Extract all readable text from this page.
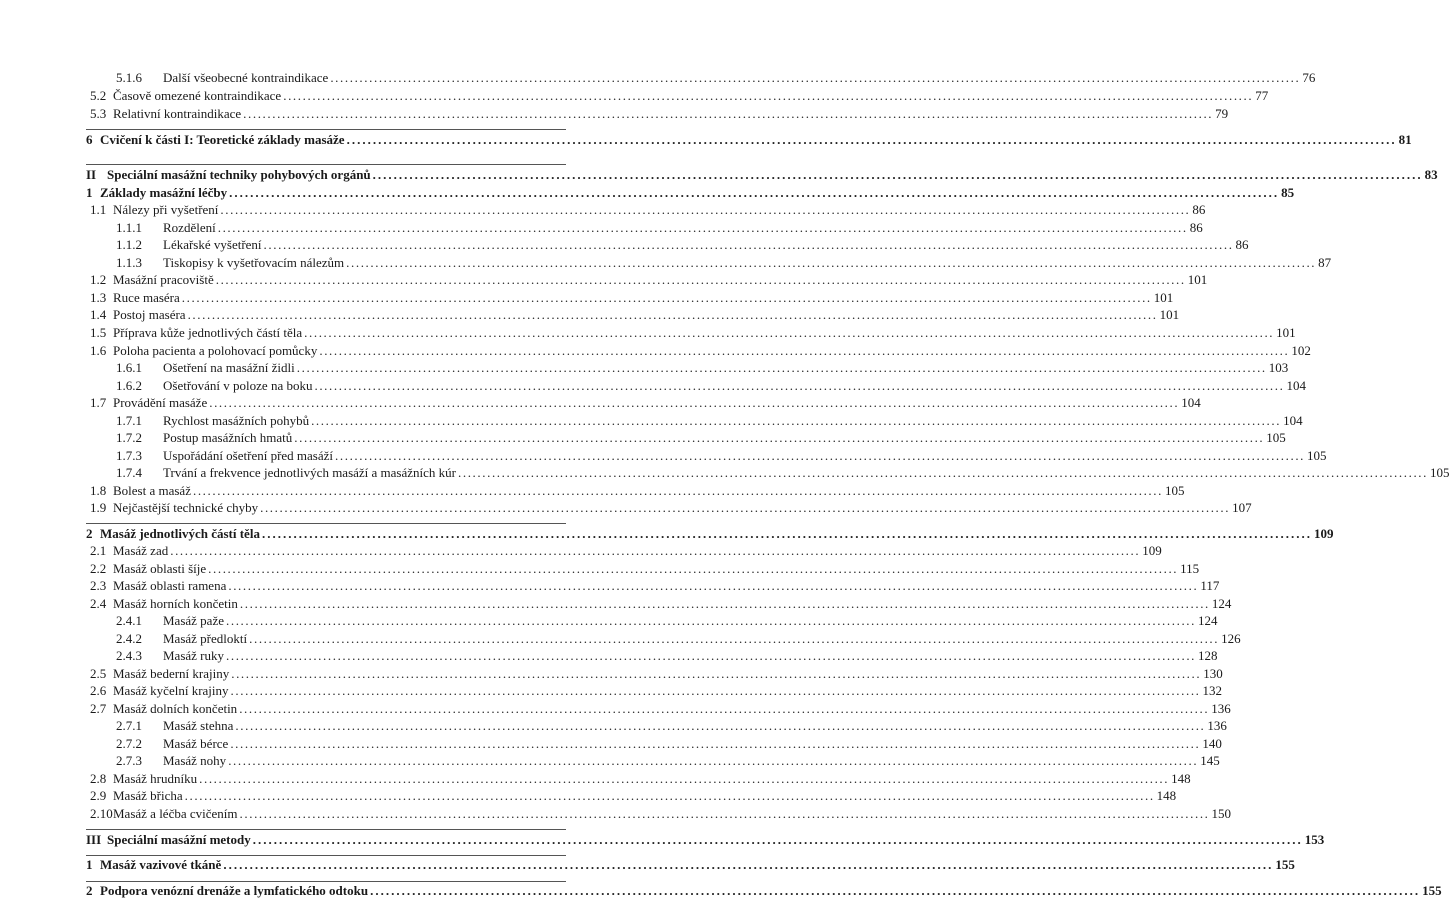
5.1.6 Další všeobecné kontraindikace ........................................................................................................................................................................................................ 76
5.2 Časově omezené kontraindikace ........................................................................................................................................................................................................ 77
5.3 Relativní kontraindikace ........................................................................................................................................................................................................ 79
6 Cvičení k části I: Teoretické základy masáže ........................................................................................................................................................................................................ 81
II Speciální masážní techniky pohybových orgánů ........................................................................................................................................................................................................ 83
1 Základy masážní léčby ........................................................................................................................................................................................................ 85
1.1 Nálezy při vyšetření ........................................................................................................................................................................................................ 86
1.1.1 Rozdělení ........................................................................................................................................................................................................ 86
1.1.2 Lékařské vyšetření ........................................................................................................................................................................................................ 86
1.1.3 Tiskopisy k vyšetřovacím nálezům ........................................................................................................................................................................................................ 87
1.2 Masážní pracoviště ........................................................................................................................................................................................................ 101
1.3 Ruce maséra ........................................................................................................................................................................................................ 101
1.4 Postoj maséra ........................................................................................................................................................................................................ 101
1.5 Příprava kůže jednotlivých částí těla ........................................................................................................................................................................................................ 101
1.6 Poloha pacienta a polohovací pomůcky ........................................................................................................................................................................................................ 102
1.6.1 Ošetření na masážní židli ........................................................................................................................................................................................................ 103
1.6.2 Ošetřování v poloze na boku ........................................................................................................................................................................................................ 104
1.7 Provádění masáže ........................................................................................................................................................................................................ 104
1.7.1 Rychlost masážních pohybů ........................................................................................................................................................................................................ 104
1.7.2 Postup masážních hmatů ........................................................................................................................................................................................................ 105
1.7.3 Uspořádání ošetření před masáží ........................................................................................................................................................................................................ 105
1.7.4 Trvání a frekvence jednotlivých masáží a masážních kúr ........................................................................................................................................................................................................ 105
1.8 Bolest a masáž ........................................................................................................................................................................................................ 105
1.9 Nejčastější technické chyby ........................................................................................................................................................................................................ 107
2 Masáž jednotlivých částí těla ........................................................................................................................................................................................................ 109
2.1 Masáž zad ........................................................................................................................................................................................................ 109
2.2 Masáž oblasti šíje ........................................................................................................................................................................................................ 115
2.3 Masáž oblasti ramena ........................................................................................................................................................................................................ 117
2.4 Masáž horních končetin ........................................................................................................................................................................................................ 124
2.4.1 Masáž paže ........................................................................................................................................................................................................ 124
2.4.2 Masáž předloktí ........................................................................................................................................................................................................ 126
2.4.3 Masáž ruky ........................................................................................................................................................................................................ 128
2.5 Masáž bederní krajiny ........................................................................................................................................................................................................ 130
2.6 Masáž kyčelní krajiny ........................................................................................................................................................................................................ 132
2.7 Masáž dolních končetin ........................................................................................................................................................................................................ 136
2.7.1 Masáž stehna ........................................................................................................................................................................................................ 136
2.7.2 Masáž bérce ........................................................................................................................................................................................................ 140
2.7.3 Masáž nohy ........................................................................................................................................................................................................ 145
2.8 Masáž hrudníku ........................................................................................................................................................................................................ 148
2.9 Masáž břicha ........................................................................................................................................................................................................ 148
2.10 Masáž a léčba cvičením ........................................................................................................................................................................................................ 150
III Speciální masážní metody ........................................................................................................................................................................................................ 153
1 Masáž vazivové tkáně ........................................................................................................................................................................................................ 155
2 Podpora venózní drenáže a lymfatického odtoku ........................................................................................................................................................................................................ 155
